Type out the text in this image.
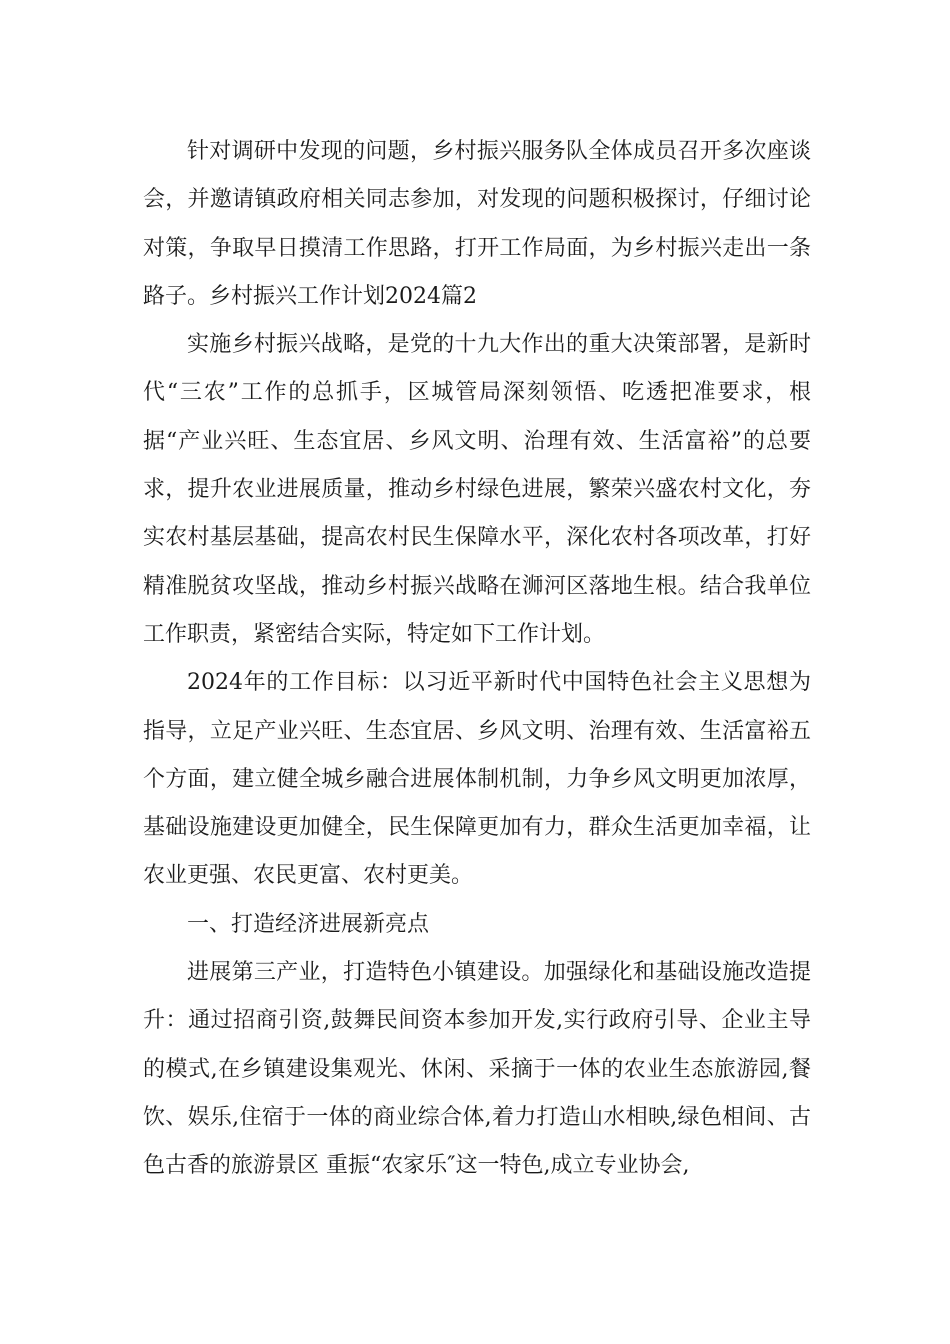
针对调研中发现的问题，乡村振兴服务队全体成员召开多次座谈会，并邀请镇政府相关同志参加，对发现的问题积极探讨，仔细讨论对策，争取早日摸清工作思路，打开工作局面，为乡村振兴走出一条路子。乡村振兴工作计划2024篇2

实施乡村振兴战略，是党的十九大作出的重大决策部署，是新时代“三农”工作的总抓手，区城管局深刻领悟、吃透把准要求，根据“产业兴旺、生态宜居、乡风文明、治理有效、生活富裕”的总要求，提升农业进展质量，推动乡村绿色进展，繁荣兴盛农村文化，夯实农村基层基础，提高农村民生保障水平，深化农村各项改革，打好精准脱贫攻坚战，推动乡村振兴战略在浉河区落地生根。结合我单位工作职责，紧密结合实际，特定如下工作计划。

2024年的工作目标：以习近平新时代中国特色社会主义思想为指导，立足产业兴旺、生态宜居、乡风文明、治理有效、生活富裕五个方面，建立健全城乡融合进展体制机制，力争乡风文明更加浓厚，基础设施建设更加健全，民生保障更加有力，群众生活更加幸福，让农业更强、农民更富、农村更美。

一、打造经济进展新亮点

进展第三产业，打造特色小镇建设。加强绿化和基础设施改造提升：通过招商引资,鼓舞民间资本参加开发,实行政府引导、企业主导的模式,在乡镇建设集观光、休闲、采摘于一体的农业生态旅游园,餐饮、娱乐,住宿于一体的商业综合体,着力打造山水相映,绿色相间、古色古香的旅游景区 重振“农家乐″这一特色,成立专业协会,
